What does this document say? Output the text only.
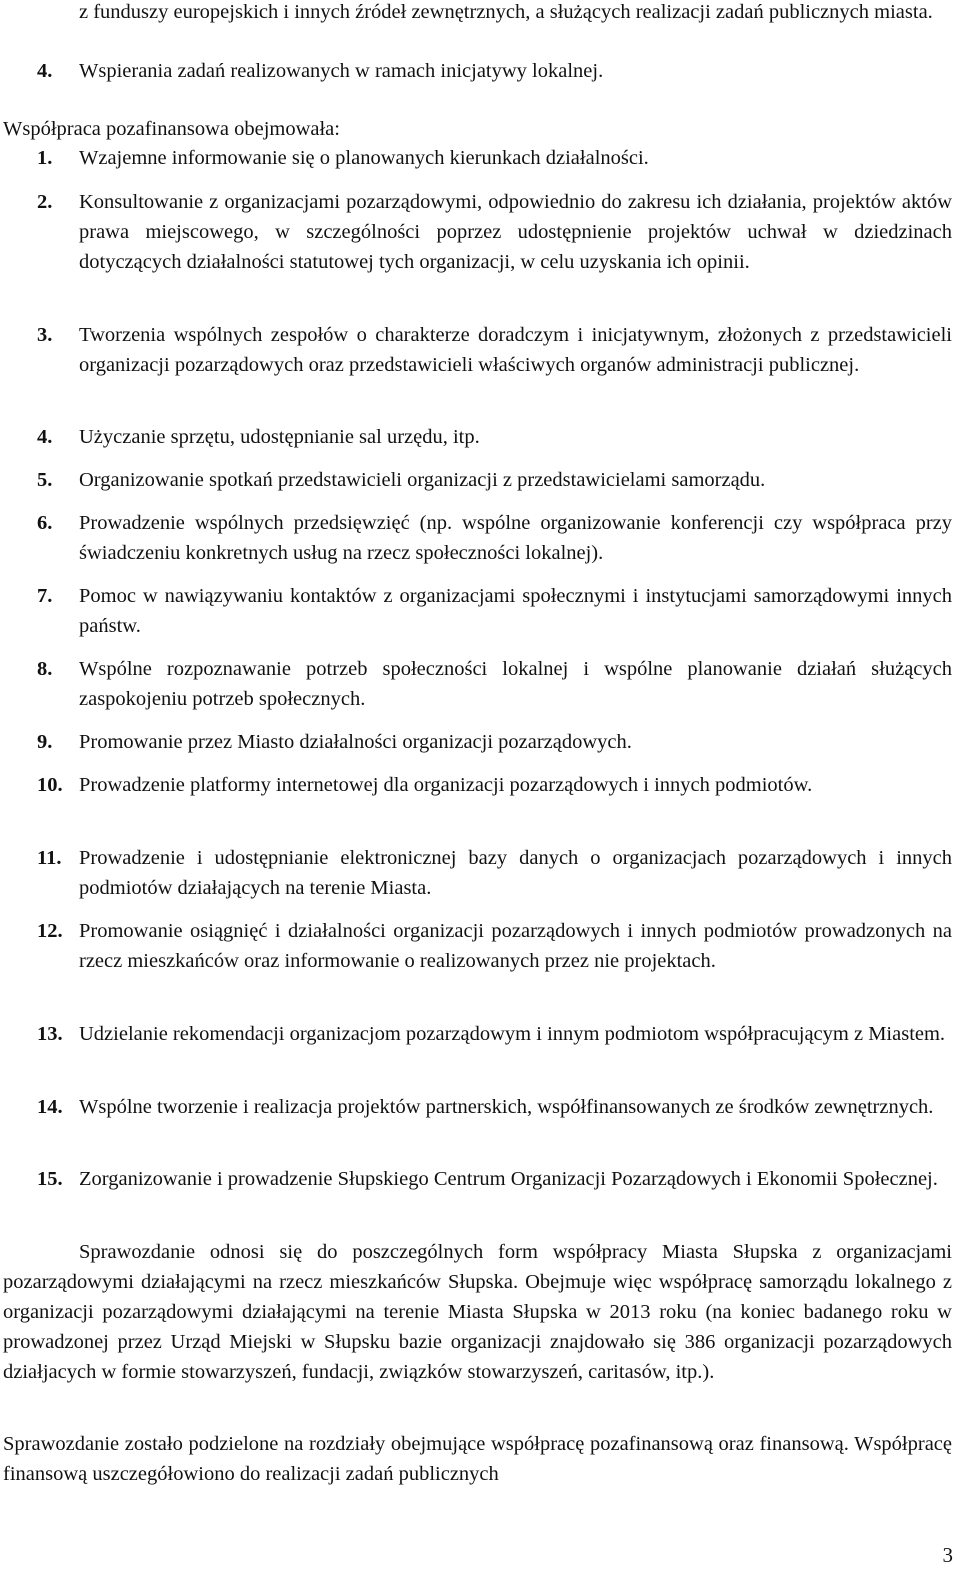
z funduszy europejskich i innych źródeł zewnętrznych, a służących realizacji zadań publicznych miasta.
4.	Wspierania zadań realizowanych w ramach inicjatywy lokalnej.
Współpraca pozafinansowa obejmowała:
1.	Wzajemne informowanie się o planowanych kierunkach działalności.
2.	Konsultowanie z organizacjami pozarządowymi, odpowiednio do zakresu ich działania, projektów aktów prawa miejscowego, w szczególności poprzez udostępnienie projektów uchwał w dziedzinach dotyczących działalności statutowej tych organizacji, w celu uzyskania ich opinii.
3.	Tworzenia wspólnych zespołów o charakterze doradczym i inicjatywnym, złożonych z przedstawicieli organizacji pozarządowych oraz przedstawicieli właściwych organów administracji publicznej.
4.	Użyczanie sprzętu, udostępnianie sal urzędu, itp.
5.	Organizowanie spotkań przedstawicieli organizacji z przedstawicielami samorządu.
6.	Prowadzenie wspólnych przedsięwzięć (np. wspólne organizowanie konferencji czy współpraca przy świadczeniu konkretnych usług na rzecz społeczności lokalnej).
7.	Pomoc w nawiązywaniu kontaktów z organizacjami społecznymi i instytucjami samorządowymi innych państw.
8.	Wspólne rozpoznawanie potrzeb społeczności lokalnej i wspólne planowanie działań służących zaspokojeniu potrzeb społecznych.
9.	Promowanie przez Miasto działalności organizacji pozarządowych.
10. Prowadzenie platformy internetowej dla organizacji pozarządowych i innych podmiotów.
11. Prowadzenie i udostępnianie elektronicznej bazy danych o organizacjach pozarządowych i innych podmiotów działających na terenie Miasta.
12. Promowanie osiągnięć i działalności organizacji pozarządowych i innych podmiotów prowadzonych na rzecz mieszkańców oraz informowanie o realizowanych przez nie projektach.
13. Udzielanie rekomendacji organizacjom pozarządowym i innym podmiotom współpracującym z Miastem.
14. Wspólne tworzenie i realizacja projektów partnerskich, współfinansowanych ze środków zewnętrznych.
15. Zorganizowanie i prowadzenie Słupskiego Centrum Organizacji Pozarządowych i Ekonomii Społecznej.
Sprawozdanie odnosi się do poszczególnych form współpracy Miasta Słupska z organizacjami pozarządowymi działającymi na rzecz mieszkańców Słupska. Obejmuje więc współpracę samorządu lokalnego z organizacji pozarządowymi działającymi na terenie Miasta Słupska w 2013 roku (na koniec badanego roku w prowadzonej przez Urząd Miejski w Słupsku bazie organizacji znajdowało się 386 organizacji pozarządowych działjacych w formie stowarzyszeń, fundacji, związków stowarzyszeń, caritasów, itp.).
Sprawozdanie zostało podzielone na rozdziały obejmujące współpracę pozafinansową oraz finansową. Współpracę finansową uszczegółowiono do realizacji zadań publicznych
3
